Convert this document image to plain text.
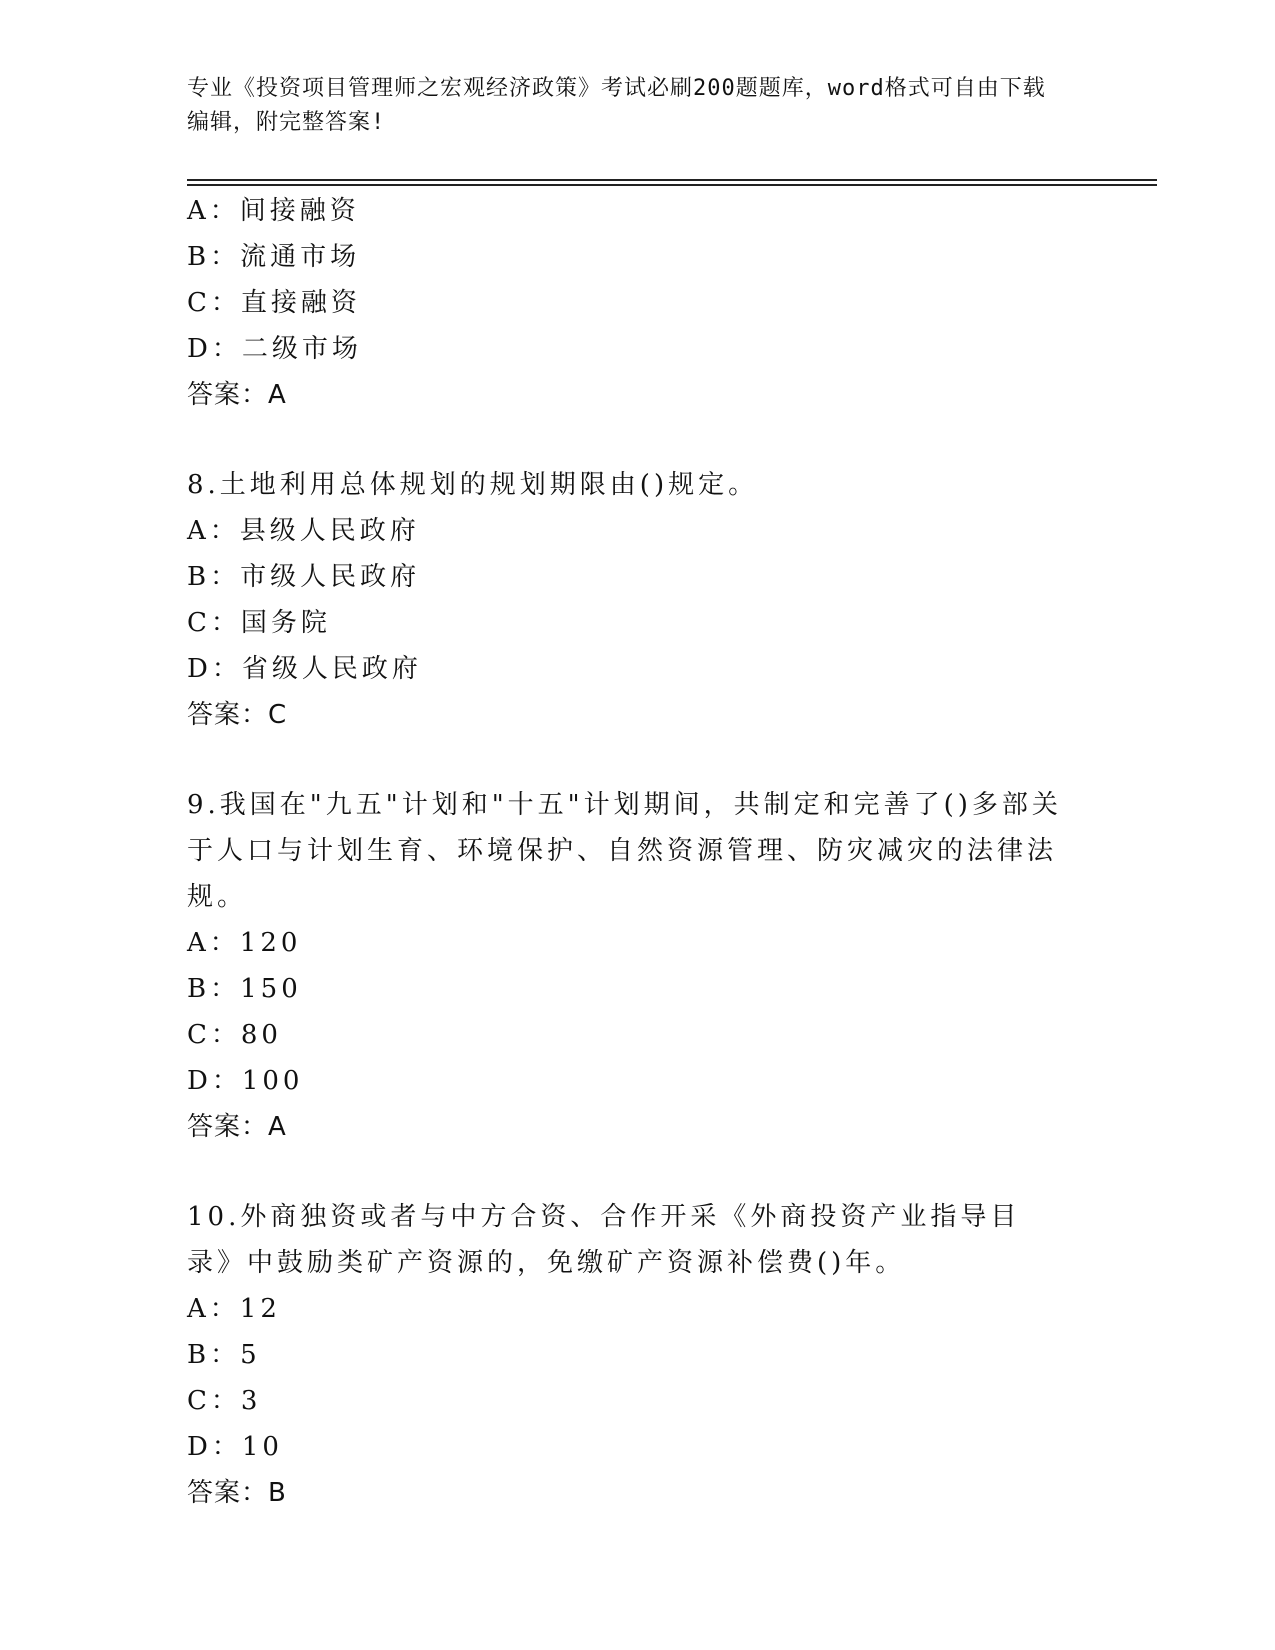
专业《投资项目管理师之宏观经济政策》考试必刷200题题库，word格式可自由下载编辑，附完整答案!
A：间接融资
B：流通市场
C：直接融资
D：二级市场
答案：A
8.土地利用总体规划的规划期限由()规定。
A：县级人民政府
B：市级人民政府
C：国务院
D：省级人民政府
答案：C
9.我国在"九五"计划和"十五"计划期间，共制定和完善了()多部关于人口与计划生育、环境保护、自然资源管理、防灾减灾的法律法规。
A：120
B：150
C：80
D：100
答案：A
10.外商独资或者与中方合资、合作开采《外商投资产业指导目录》中鼓励类矿产资源的，免缴矿产资源补偿费()年。
A：12
B：5
C：3
D：10
答案：B
